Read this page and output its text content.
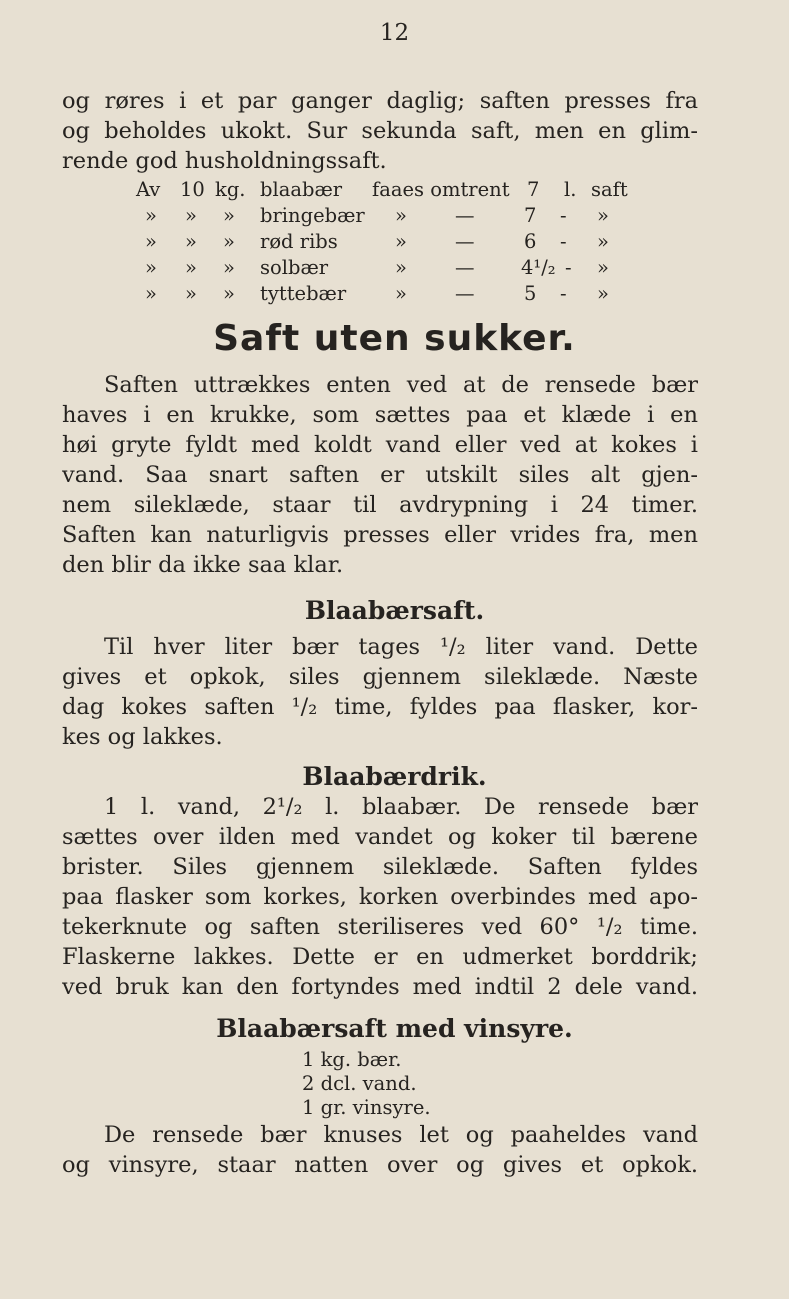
12
og røres i et par ganger daglig; saften presses fra
og beholdes ukokt. Sur sekunda saft, men en glim-
rende god husholdningssaft.
Av 10 kg. blaabær faaes omtrent 7 l. saft
» » » bringebær » —	7 - »
» » » rød ribs	» —	6 - »
» » » solbær	» — 4¹/₂ - »
» » » tyttebær	» —	5 - »
Saft uten sukker.
Saften uttrækkes enten ved at de rensede bær
haves i en krukke, som sættes paa et klæde i en
høi gryte fyldt med koldt vand eller ved at kokes i
vand. Saa snart saften er utskilt siles alt gjen-
nem sileklæde, staar til avdrypning i 24 timer.
Saften kan naturligvis presses eller vrides fra, men
den blir da ikke saa klar.
Blaabærsaft.
Til hver liter bær tages ¹/₂ liter vand. Dette
gives et opkok, siles gjennem sileklæde. Næste
dag kokes saften ¹/₂ time, fyldes paa flasker, kor-
kes og lakkes.
Blaabærdrik.
1 l. vand, 2¹/₂ l. blaabær. De rensede bær
sættes over ilden med vandet og koker til bærene
brister. Siles gjennem sileklæde. Saften fyldes
paa flasker som korkes, korken overbindes med apo-
tekerknute og saften steriliseres ved 60° ¹/₂ time.
Flaskerne lakkes. Dette er en udmerket borddrik;
ved bruk kan den fortyndes med indtil 2 dele vand.
Blaabærsaft med vinsyre.
1 kg. bær.
2 dcl. vand.
1 gr. vinsyre.
De rensede bær knuses let og paaheldes vand
og vinsyre, staar natten over og gives et opkok.
